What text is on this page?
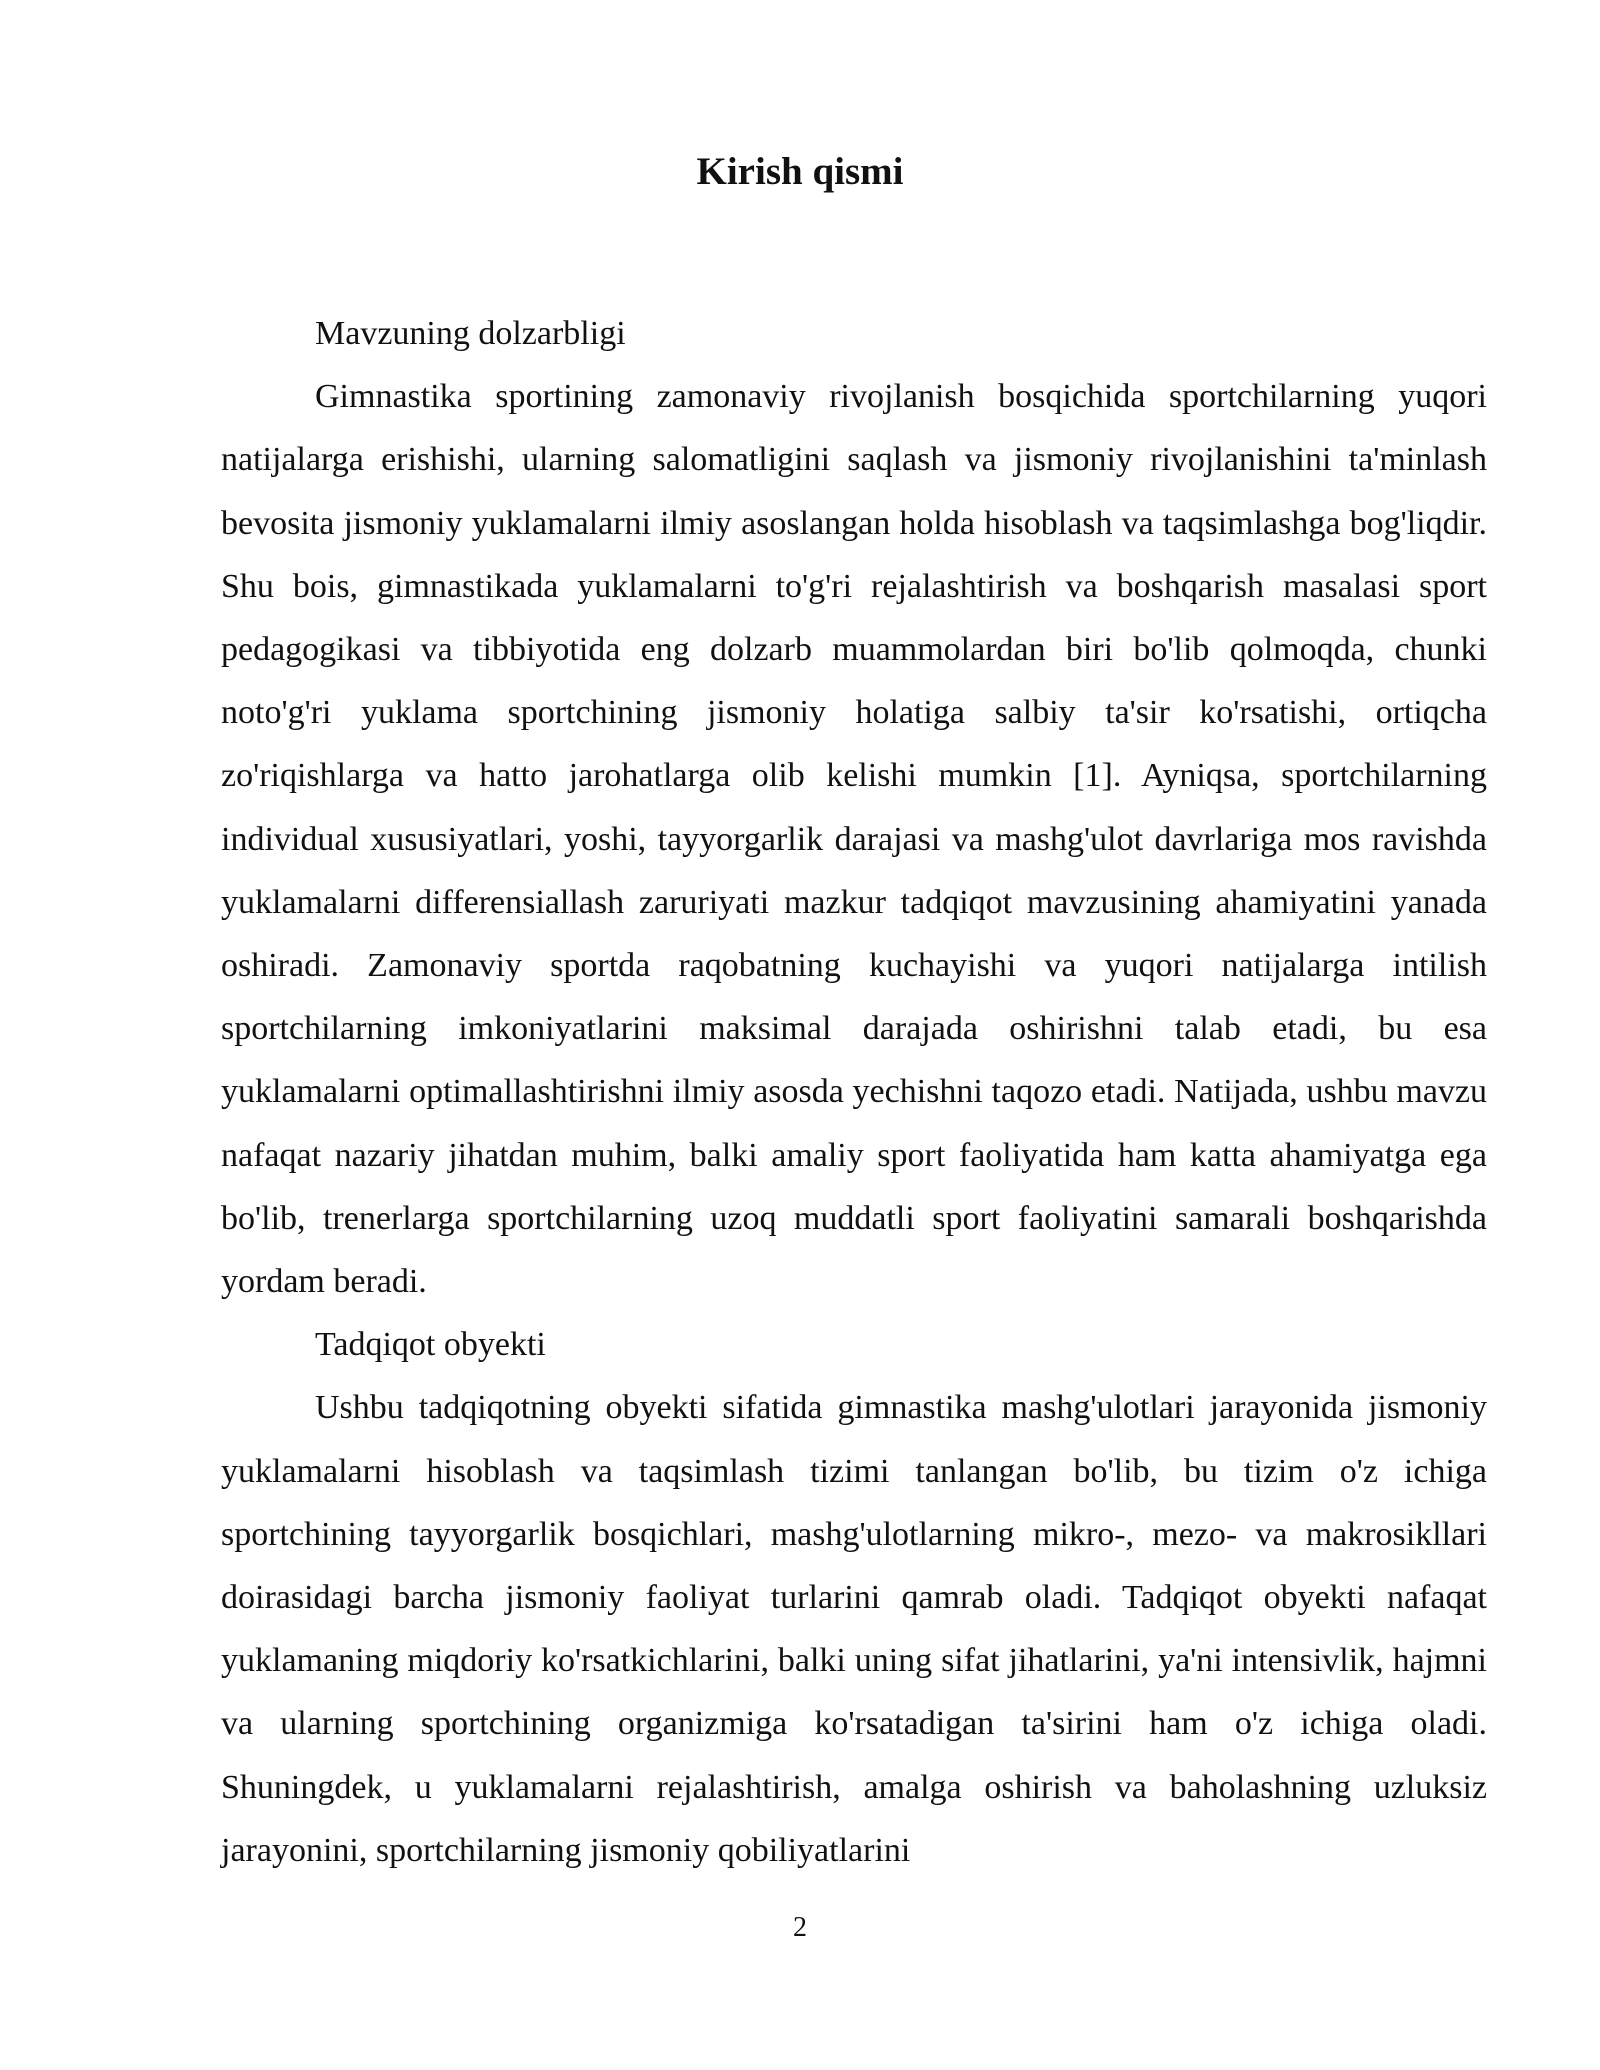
Kirish qismi

Mavzuning dolzarbligi

Gimnastika sportining zamonaviy rivojlanish bosqichida sportchilarning yuqori natijalarga erishishi, ularning salomatligini saqlash va jismoniy rivojlanishini ta'minlash bevosita jismoniy yuklamalarni ilmiy asoslangan holda hisoblash va taqsimlashga bog'liqdir. Shu bois, gimnastikada yuklamalarni to'g'ri rejalashtirish va boshqarish masalasi sport pedagogikasi va tibbiyotida eng dolzarb muammolardan biri bo'lib qolmoqda, chunki noto'g'ri yuklama sportchining jismoniy holatiga salbiy ta'sir ko'rsatishi, ortiqcha zo'riqishlarga va hatto jarohatlarga olib kelishi mumkin [1]. Ayniqsa, sportchilarning individual xususiyatlari, yoshi, tayyorgarlik darajasi va mashg'ulot davrlariga mos ravishda yuklamalarni differensiallash zaruriyati mazkur tadqiqot mavzusining ahamiyatini yanada oshiradi. Zamonaviy sportda raqobatning kuchayishi va yuqori natijalarga intilish sportchilarning imkoniyatlarini maksimal darajada oshirishni talab etadi, bu esa yuklamalarni optimallashtirishni ilmiy asosda yechishni taqozo etadi. Natijada, ushbu mavzu nafaqat nazariy jihatdan muhim, balki amaliy sport faoliyatida ham katta ahamiyatga ega bo'lib, trenerlarga sportchilarning uzoq muddatli sport faoliyatini samarali boshqarishda yordam beradi.

Tadqiqot obyekti

Ushbu tadqiqotning obyekti sifatida gimnastika mashg'ulotlari jarayonida jismoniy yuklamalarni hisoblash va taqsimlash tizimi tanlangan bo'lib, bu tizim o'z ichiga sportchining tayyorgarlik bosqichlari, mashg'ulotlarning mikro-, mezo- va makrosikllari doirasidagi barcha jismoniy faoliyat turlarini qamrab oladi. Tadqiqot obyekti nafaqat yuklamaning miqdoriy ko'rsatkichlarini, balki uning sifat jihatlarini, ya'ni intensivlik, hajmni va ularning sportchining organizmiga ko'rsatadigan ta'sirini ham o'z ichiga oladi. Shuningdek, u yuklamalarni rejalashtirish, amalga oshirish va baholashning uzluksiz jarayonini, sportchilarning jismoniy qobiliyatlarini

2
